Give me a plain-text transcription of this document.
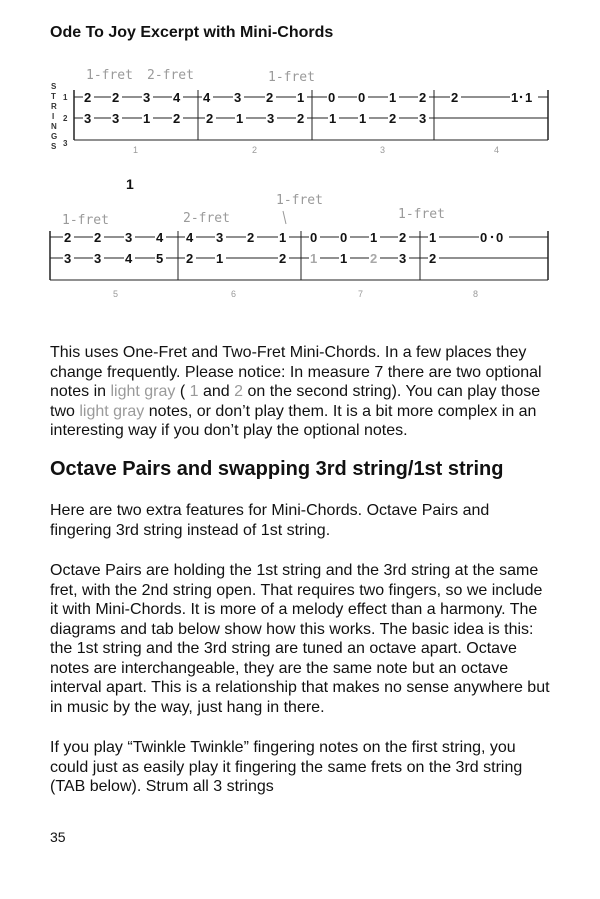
Ode To Joy Excerpt with Mini-Chords
S
T
R
I
N
G
S
1
2
3
1-fret 2-fret	1-fret
2 2 3 4 4 3 2 1 0 0 1 2 2	1 1
3 3 1 2 2 1 3 2 1 1 2 3
1	2	3	4
1
1-fret	2-fret
1-fret
1-fret
2 2 3 4 4 3 2 1 0 0 1 2 1	0 0
3 3 4 5 2 1	2 1 1 2 3 2
5	6	7	8

This uses One-Fret and Two-Fret Mini-Chords. In a few places they change frequently. Please notice: In measure 7 there are two optional notes in light gray ( 1 and 2 on the second string). You can play those two light gray notes, or don’t play them. It is a bit more complex in an interesting way if you don’t play the optional notes.

Octave Pairs and swapping 3rd string/1st string

Here are two extra features for Mini-Chords. Octave Pairs and fingering 3rd string instead of 1st string.

Octave Pairs are holding the 1st string and the 3rd string at the same fret, with the 2nd string open. That requires two fingers, so we include it with Mini-Chords. It is more of a melody effect than a harmony. The diagrams and tab below show how this works. The basic idea is this: the 1st string and the 3rd string are tuned an octave apart. Octave notes are interchangeable, they are the same note but an octave interval apart. This is a relationship that makes no sense anywhere but in music by the way, just hang in there.

If you play “Twinkle Twinkle” fingering notes on the first string, you could just as easily play it fingering the same frets on the 3rd string (TAB below). Strum all 3 strings

35
